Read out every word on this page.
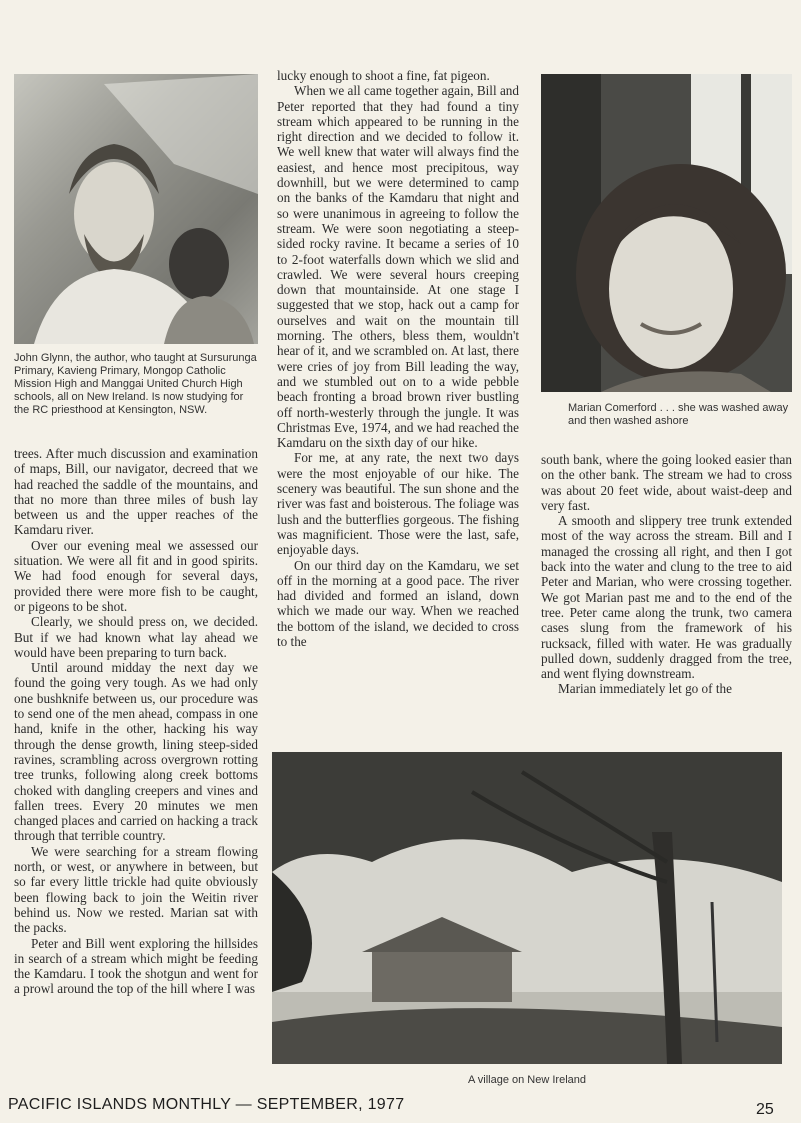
John Glynn, the author, who taught at Sursurunga Primary, Kavieng Primary, Mongop Catholic Mission High and Manggai United Church High schools, all on New Ireland. Is now studying for the RC priesthood at Kensington, NSW.	Marian Comerford . . . she was washed away and then washed ashore

trees. After much discussion and examination of maps, Bill, our navigator, decreed that we had reached the saddle of the mountains, and that no more than three miles of bush lay between us and the upper reaches of the Kamdaru river.

Over our evening meal we assessed our situation. We were all fit and in good spirits. We had food enough for several days, provided there were more fish to be caught, or pigeons to be shot.

Clearly, we should press on, we decided. But if we had known what lay ahead we would have been preparing to turn back.

Until around midday the next day we found the going very tough. As we had only one bushknife between us, our procedure was to send one of the men ahead, compass in one hand, knife in the other, hacking his way through the dense growth, lining steep-sided ravines, scrambling across overgrown rotting tree trunks, following along creek bottoms choked with dangling creepers and vines and fallen trees. Every 20 minutes we men changed places and carried on hacking a track through that terrible country.

We were searching for a stream flowing north, or west, or anywhere in between, but so far every little trickle had quite obviously been flowing back to join the Weitin river behind us. Now we rested. Marian sat with the packs.

Peter and Bill went exploring the hillsides in search of a stream which might be feeding the Kamdaru. I took the shotgun and went for a prowl around the top of the hill where I was

lucky enough to shoot a fine, fat pigeon.

When we all came together again, Bill and Peter reported that they had found a tiny stream which appeared to be running in the right direction and we decided to follow it. We well knew that water will always find the easiest, and hence most precipitous, way downhill, but we were determined to camp on the banks of the Kamdaru that night and so were unanimous in agreeing to follow the stream. We were soon negotiating a steep-sided rocky ravine. It became a series of 10 to 2-foot waterfalls down which we slid and crawled. We were several hours creeping down that mountainside. At one stage I suggested that we stop, hack out a camp for ourselves and wait on the mountain till morning. The others, bless them, wouldn't hear of it, and we scrambled on. At last, there were cries of joy from Bill leading the way, and we stumbled out on to a wide pebble beach fronting a broad brown river bustling off north-westerly through the jungle. It was Christmas Eve, 1974, and we had reached the Kamdaru on the sixth day of our hike.

For me, at any rate, the next two days were the most enjoyable of our hike. The scenery was beautiful. The sun shone and the river was fast and boisterous. The foliage was lush and the butterflies gorgeous. The fishing was magnificient. Those were the last, safe, enjoyable days.

On our third day on the Kamdaru, we set off in the morning at a good pace. The river had divided and formed an island, down which we made our way. When we reached the bottom of the island, we decided to cross to the

south bank, where the going looked easier than on the other bank. The stream we had to cross was about 20 feet wide, about waist-deep and very fast.

A smooth and slippery tree trunk extended most of the way across the stream. Bill and I managed the crossing all right, and then I got back into the water and clung to the tree to aid Peter and Marian, who were crossing together. We got Marian past me and to the end of the tree. Peter came along the trunk, two camera cases slung from the framework of his rucksack, filled with water. He was gradually pulled down, suddenly dragged from the tree, and went flying downstream.

Marian immediately let go of the

A village on New Ireland
PACIFIC ISLANDS MONTHLY — SEPTEMBER, 1977	25
